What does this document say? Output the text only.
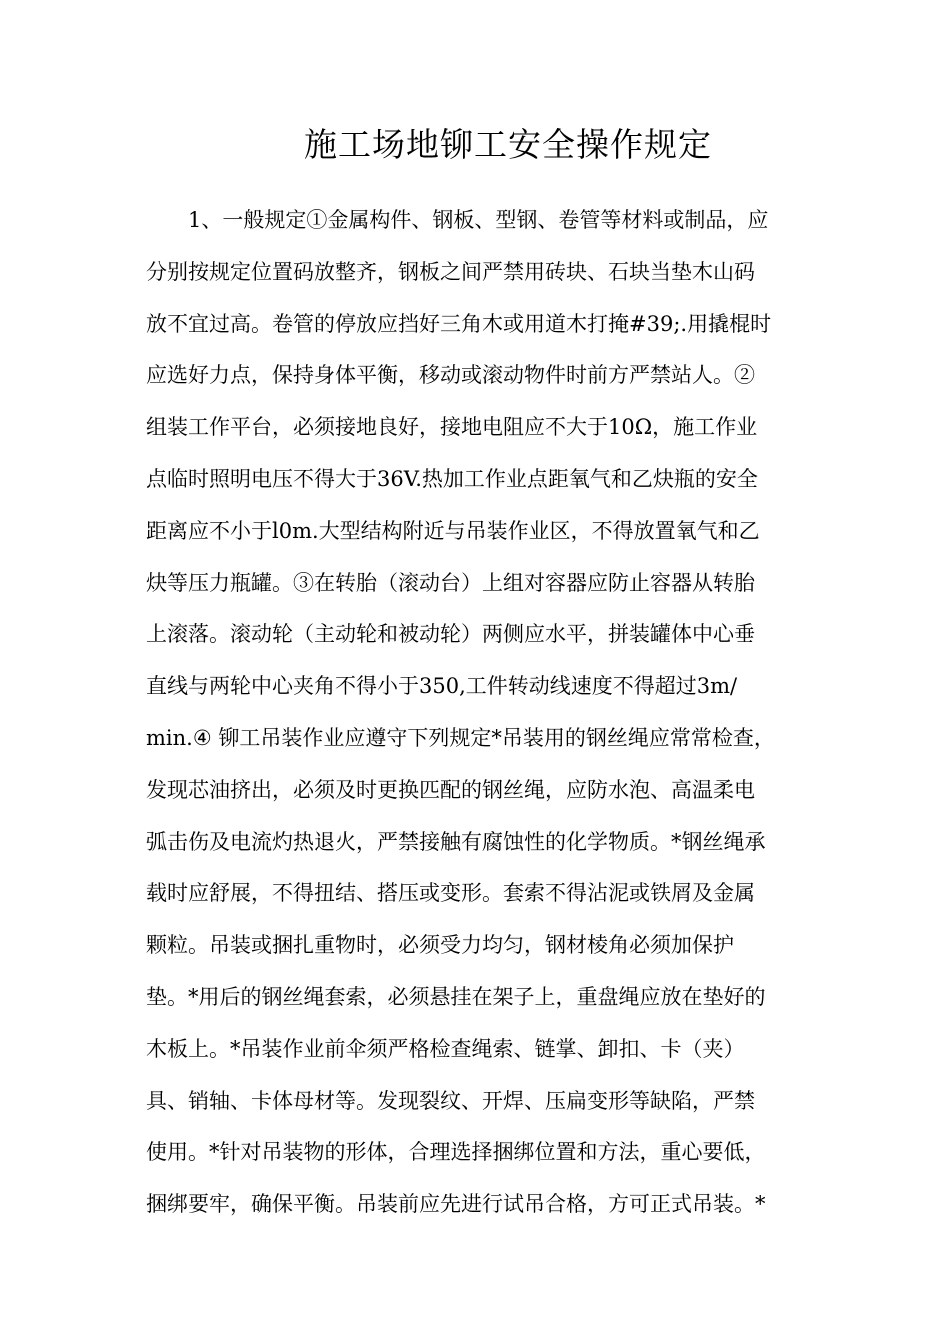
施工场地铆工安全操作规定
1、一般规定①金属构件、钢板、型钢、卷管等材料或制品，应
分别按规定位置码放整齐，钢板之间严禁用砖块、石块当垫木山码
放不宜过高。卷管的停放应挡好三角木或用道木打掩#39;.用撬棍时
应选好力点，保持身体平衡，移动或滚动物件时前方严禁站人。②
组装工作平台，必须接地良好，接地电阻应不大于10Ω，施工作业
点临时照明电压不得大于36V.热加工作业点距氧气和乙炔瓶的安全
距离应不小于l0m.大型结构附近与吊装作业区，不得放置氧气和乙
炔等压力瓶罐。③在转胎（滚动台）上组对容器应防止容器从转胎
上滚落。滚动轮（主动轮和被动轮）两侧应水平，拼装罐体中心垂
直线与两轮中心夹角不得小于350,工件转动线速度不得超过3m/
min.④ 铆工吊装作业应遵守下列规定*吊装用的钢丝绳应常常检查，
发现芯油挤出，必须及时更换匹配的钢丝绳，应防水泡、高温柔电
弧击伤及电流灼热退火，严禁接触有腐蚀性的化学物质。*钢丝绳承
载时应舒展，不得扭结、搭压或变形。套索不得沾泥或铁屑及金属
颗粒。吊装或捆扎重物时，必须受力均匀，钢材棱角必须加保护
垫。*用后的钢丝绳套索，必须悬挂在架子上，重盘绳应放在垫好的
木板上。*吊装作业前伞须严格检查绳索、链掌、卸扣、卡（夹）
具、销轴、卡体母材等。发现裂纹、开焊、压扁变形等缺陷，严禁
使用。*针对吊装物的形体，合理选择捆绑位置和方法，重心要低，
捆绑要牢，确保平衡。吊装前应先进行试吊合格，方可正式吊装。*
